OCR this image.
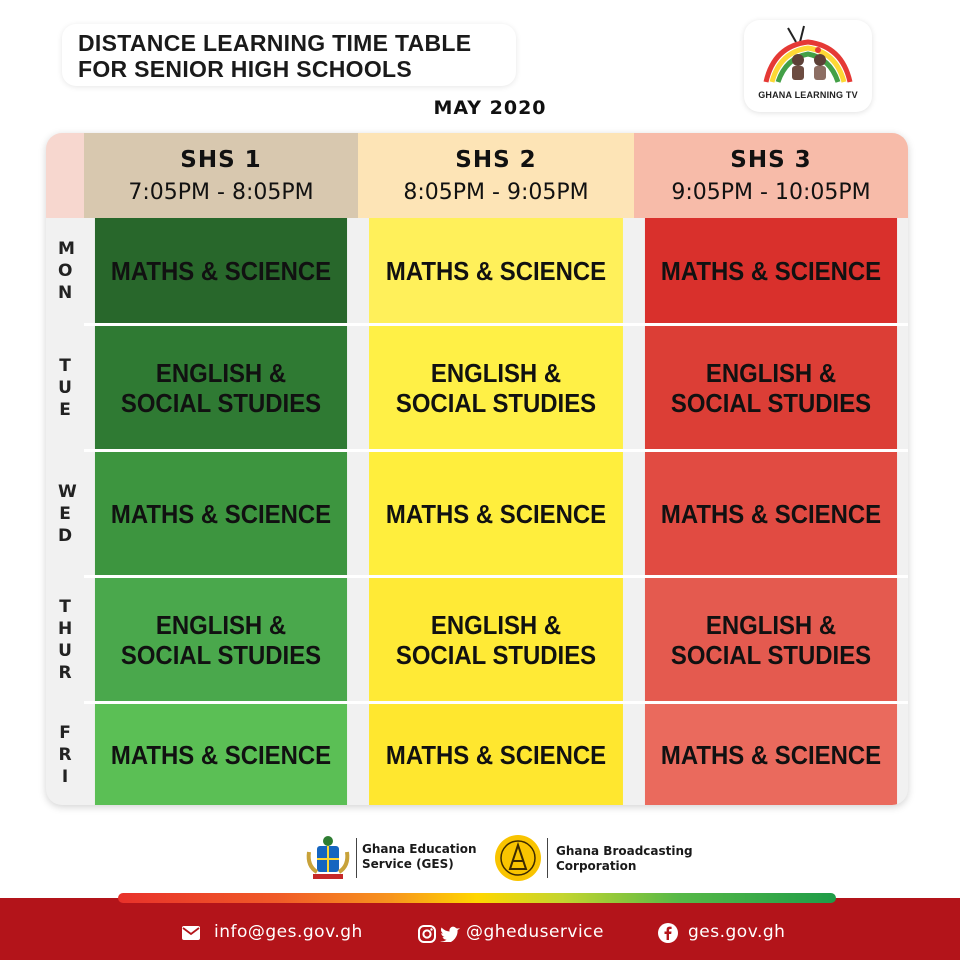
DISTANCE LEARNING TIME TABLE
FOR SENIOR HIGH SCHOOLS
GHANA LEARNING TV
MAY 2020
SHS 1
7:05PM - 8:05PM
SHS 2
8:05PM - 9:05PM
SHS 3
9:05PM - 10:05PM
MON
MATHS & SCIENCE MATHS & SCIENCE MATHS & SCIENCE
TUE
ENGLISH &
SOCIAL STUDIES
ENGLISH &
SOCIAL STUDIES
ENGLISH &
SOCIAL STUDIES
WED
MATHS & SCIENCE MATHS & SCIENCE MATHS & SCIENCE
THUR
ENGLISH &
SOCIAL STUDIES
ENGLISH &
SOCIAL STUDIES
ENGLISH &
SOCIAL STUDIES
FRI
MATHS & SCIENCE MATHS & SCIENCE MATHS & SCIENCE
Ghana Education
Service (GES)
Ghana Broadcasting
Corporation
info@ges.gov.gh	@gheduservice	ges.gov.gh
